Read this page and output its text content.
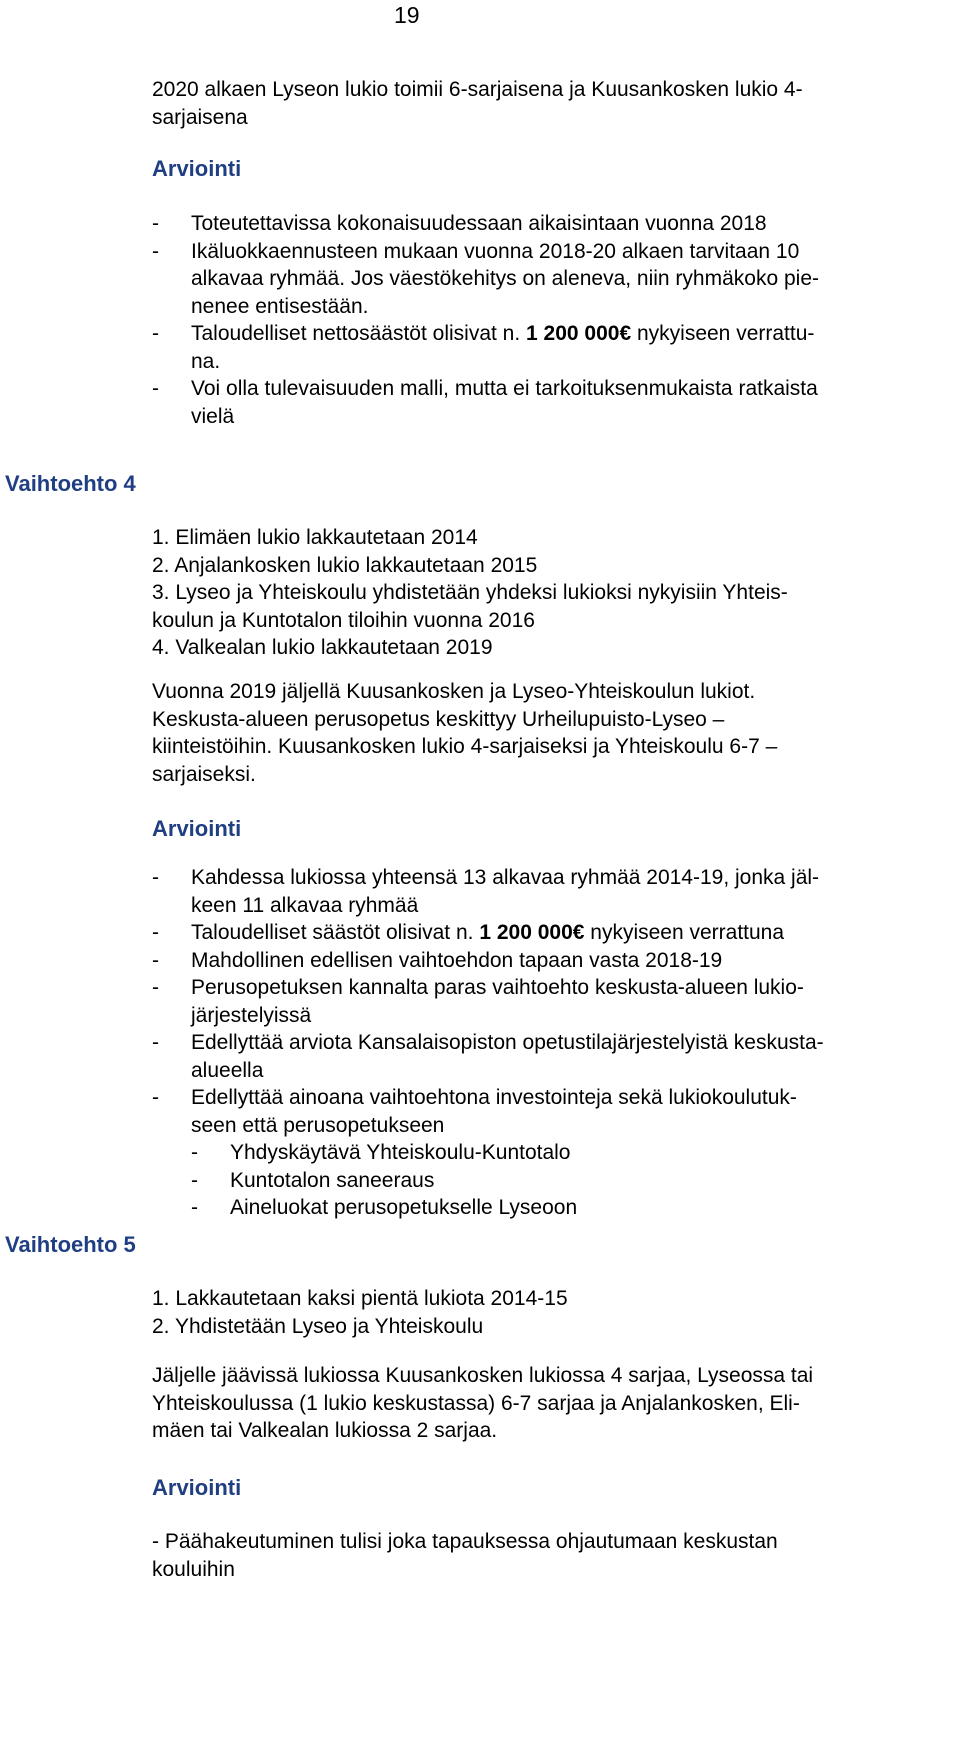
19
2020 alkaen Lyseon lukio toimii 6-sarjaisena ja Kuusankosken lukio 4-
sarjaisena
Arviointi
-	Toteutettavissa kokonaisuudessaan aikaisintaan vuonna 2018
-	Ikäluokkaennusteen mukaan vuonna 2018-20 alkaen tarvitaan 10
alkavaa ryhmää. Jos väestökehitys on aleneva, niin ryhmäkoko pie-
nenee entisestään.
-	Taloudelliset nettosäästöt olisivat n. 1 200 000€ nykyiseen verrattu-
na.
-	Voi olla tulevaisuuden malli, mutta ei tarkoituksenmukaista ratkaista
vielä
Vaihtoehto 4
1. Elimäen lukio lakkautetaan 2014
2. Anjalankosken lukio lakkautetaan 2015
3. Lyseo ja Yhteiskoulu yhdistetään yhdeksi lukioksi nykyisiin Yhteis-
koulun ja Kuntotalon tiloihin vuonna 2016
4. Valkealan lukio lakkautetaan 2019
Vuonna 2019 jäljellä Kuusankosken ja Lyseo-Yhteiskoulun lukiot.
Keskusta-alueen perusopetus keskittyy Urheilupuisto-Lyseo –
kiinteistöihin. Kuusankosken lukio 4-sarjaiseksi ja Yhteiskoulu 6-7 –
sarjaiseksi.
Arviointi
-	Kahdessa lukiossa yhteensä 13 alkavaa ryhmää 2014-19, jonka jäl-
keen 11 alkavaa ryhmää
-	Taloudelliset säästöt olisivat n. 1 200 000€ nykyiseen verrattuna
-	Mahdollinen edellisen vaihtoehdon tapaan vasta 2018-19
-	Perusopetuksen kannalta paras vaihtoehto keskusta-alueen lukio-
järjestelyissä
-	Edellyttää arviota Kansalaisopiston opetustilajärjestelyistä keskusta-
alueella
-	Edellyttää ainoana vaihtoehtona investointeja sekä lukiokoulutuk-
seen että perusopetukseen
-	Yhdyskäytävä Yhteiskoulu-Kuntotalo
-	Kuntotalon saneeraus
-	Aineluokat perusopetukselle Lyseoon
Vaihtoehto 5
1. Lakkautetaan kaksi pientä lukiota 2014-15
2. Yhdistetään Lyseo ja Yhteiskoulu
Jäljelle jäävissä lukiossa Kuusankosken lukiossa 4 sarjaa, Lyseossa tai
Yhteiskoulussa (1 lukio keskustassa) 6-7 sarjaa ja Anjalankosken, Eli-
mäen tai Valkealan lukiossa 2 sarjaa.
Arviointi
- Päähakeutuminen tulisi joka tapauksessa ohjautumaan keskustan
kouluihin
